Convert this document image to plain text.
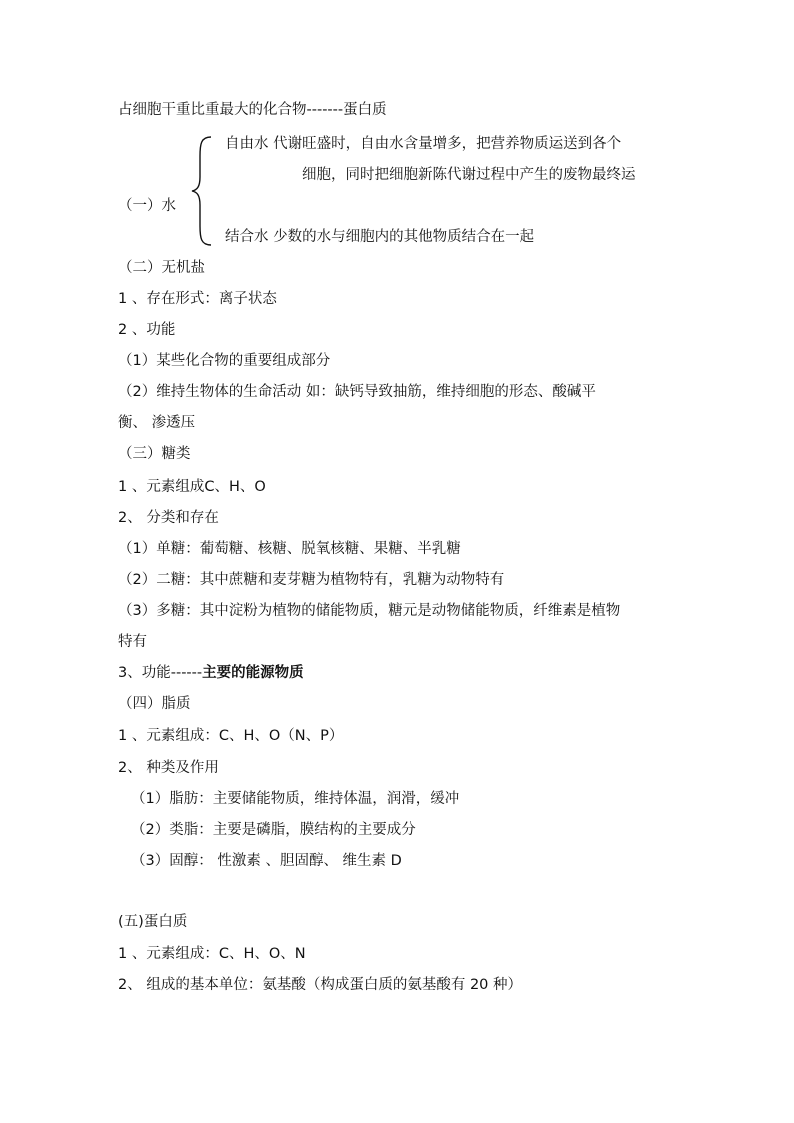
占细胞干重比重最大的化合物-------蛋白质
自由水 代谢旺盛时，自由水含量增多，把营养物质运送到各个
细胞，同时把细胞新陈代谢过程中产生的废物最终运
（一）水
结合水 少数的水与细胞内的其他物质结合在一起
（二）无机盐
1 、存在形式：离子状态
2 、功能
（1）某些化合物的重要组成部分
（2）维持生物体的生命活动 如：缺钙导致抽筋，维持细胞的形态、酸碱平
衡、 渗透压
（三）糖类
1 、元素组成C、H、O
2、 分类和存在
（1）单糖：葡萄糖、核糖、脱氧核糖、果糖、半乳糖
（2）二糖：其中蔗糖和麦芽糖为植物特有，乳糖为动物特有
（3）多糖：其中淀粉为植物的储能物质，糖元是动物储能物质，纤维素是植物
特有
3、功能------主要的能源物质
（四）脂质
1 、元素组成：C、H、O（N、P）
2、 种类及作用
（1）脂肪：主要储能物质，维持体温，润滑，缓冲
（2）类脂：主要是磷脂，膜结构的主要成分
（3）固醇： 性激素 、胆固醇、 维生素 D
(五)蛋白质
1 、元素组成：C、H、O、N
2、 组成的基本单位：氨基酸（构成蛋白质的氨基酸有 20 种）
